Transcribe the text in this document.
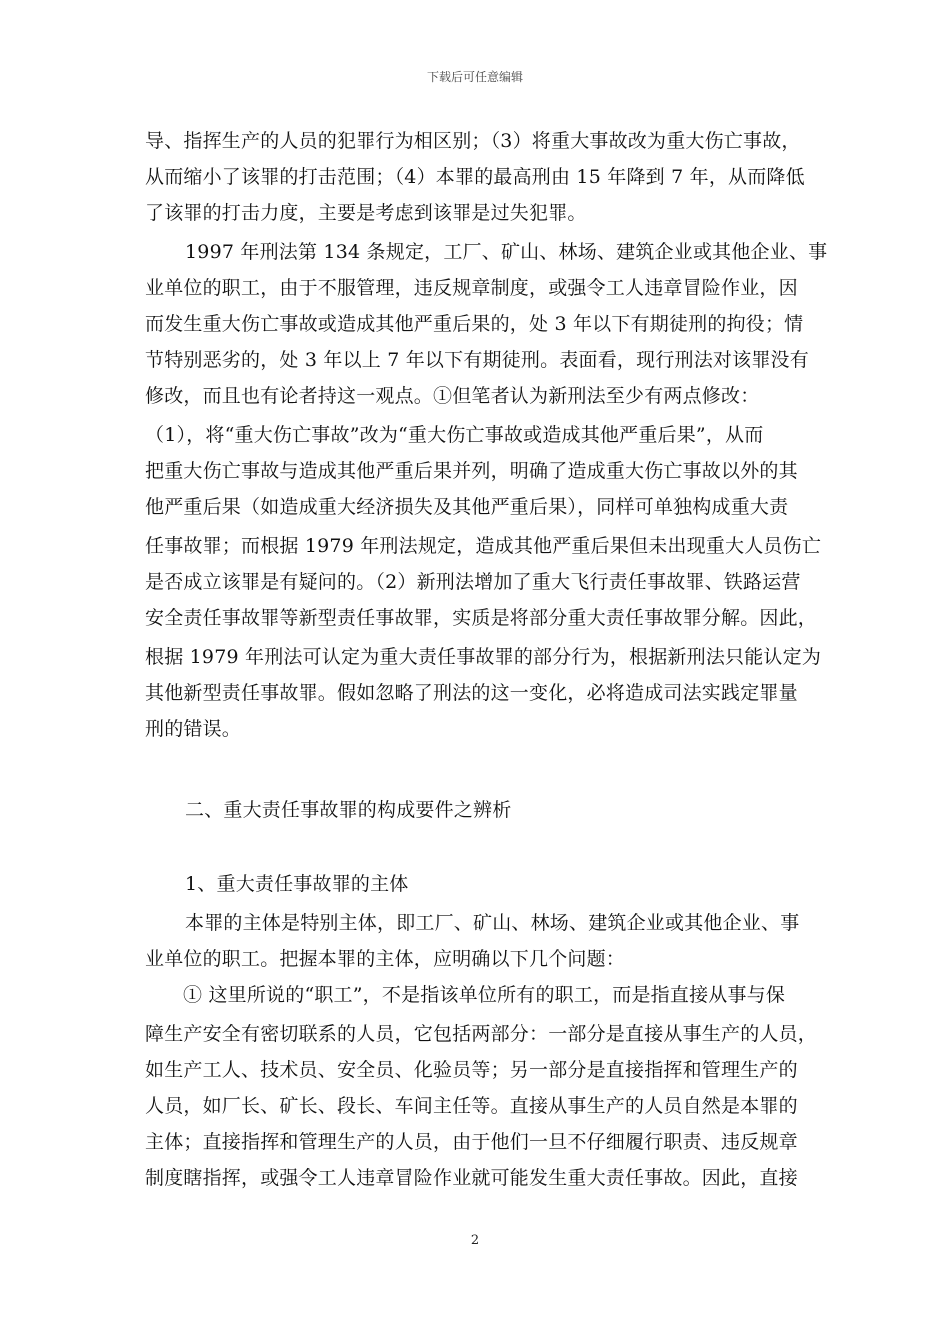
下载后可任意编辑
导、指挥生产的人员的犯罪行为相区别；（3）将重大事故改为重大伤亡事故，
从而缩小了该罪的打击范围；（4）本罪的最高刑由 15 年降到 7 年，从而降低
了该罪的打击力度，主要是考虑到该罪是过失犯罪。
1997 年刑法第 134 条规定，工厂、矿山、林场、建筑企业或其他企业、事
业单位的职工，由于不服管理，违反规章制度，或强令工人违章冒险作业，因
而发生重大伤亡事故或造成其他严重后果的，处 3 年以下有期徒刑的拘役；情
节特别恶劣的，处 3 年以上 7 年以下有期徒刑。表面看，现行刑法对该罪没有
修改，而且也有论者持这一观点。①但笔者认为新刑法至少有两点修改：
（1），将“重大伤亡事故”改为“重大伤亡事故或造成其他严重后果”，从而
把重大伤亡事故与造成其他严重后果并列，明确了造成重大伤亡事故以外的其
他严重后果（如造成重大经济损失及其他严重后果），同样可单独构成重大责
任事故罪；而根据 1979 年刑法规定，造成其他严重后果但未出现重大人员伤亡
是否成立该罪是有疑问的。（2）新刑法增加了重大飞行责任事故罪、铁路运营
安全责任事故罪等新型责任事故罪，实质是将部分重大责任事故罪分解。因此，
根据 1979 年刑法可认定为重大责任事故罪的部分行为，根据新刑法只能认定为
其他新型责任事故罪。假如忽略了刑法的这一变化，必将造成司法实践定罪量
刑的错误。
二、重大责任事故罪的构成要件之辨析
1、重大责任事故罪的主体
本罪的主体是特别主体，即工厂、矿山、林场、建筑企业或其他企业、事
业单位的职工。把握本罪的主体，应明确以下几个问题：
① 这里所说的“职工”，不是指该单位所有的职工，而是指直接从事与保
障生产安全有密切联系的人员，它包括两部分：一部分是直接从事生产的人员，
如生产工人、技术员、安全员、化验员等；另一部分是直接指挥和管理生产的
人员，如厂长、矿长、段长、车间主任等。直接从事生产的人员自然是本罪的
主体；直接指挥和管理生产的人员，由于他们一旦不仔细履行职责、违反规章
制度瞎指挥，或强令工人违章冒险作业就可能发生重大责任事故。因此，直接
2
